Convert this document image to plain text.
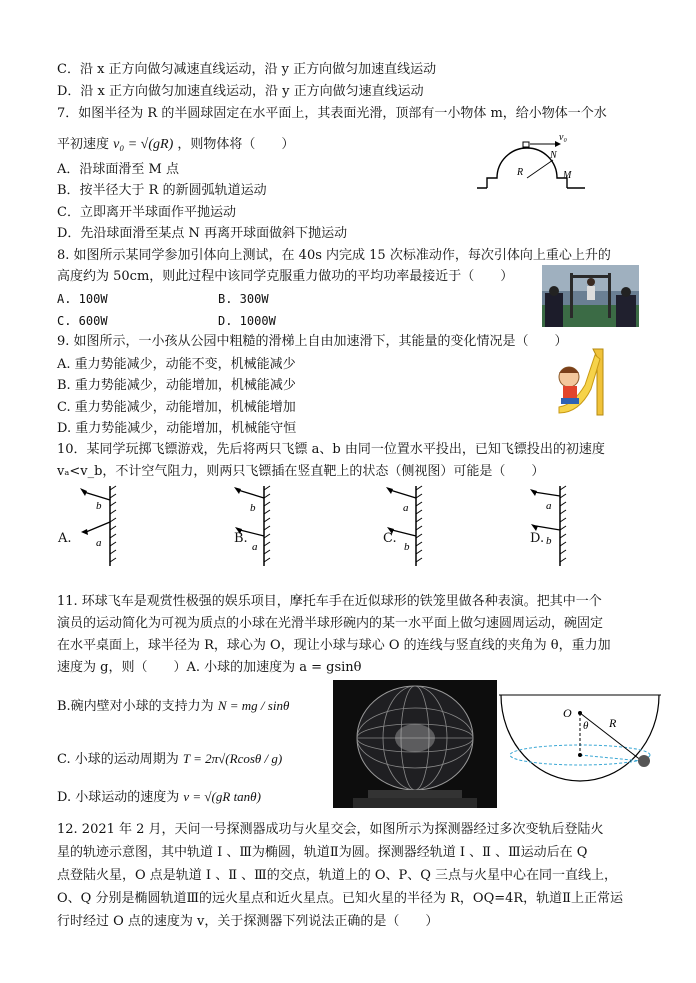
C．沿 x 正方向做匀减速直线运动，沿 y 正方向做匀加速直线运动
D．沿 x 正方向做匀加速直线运动，沿 y 正方向做匀速直线运动
7．如图半径为 R 的半圆球固定在水平面上，其表面光滑，顶部有一小物体 m，给小物体一个水
平初速度 v₀ = √(gR) ，则物体将（　　）
A．沿球面滑至 M 点
B．按半径大于 R 的新圆弧轨道运动
C．立即离开半球面作平抛运动
D．先沿球面滑至某点 N 再离开球面做斜下抛运动
v₀
N
R	M
8. 如图所示某同学参加引体向上测试，在 40s 内完成 15 次标准动作，每次引体向上重心上升的
高度约为 50cm，则此过程中该同学克服重力做功的平均功率最接近于（　　）
A. 100W	B. 300W
C. 600W	D. 1000W
9. 如图所示，一小孩从公园中粗糙的滑梯上自由加速滑下，其能量的变化情况是（　　）
A. 重力势能减少，动能不变，机械能减少
B. 重力势能减少，动能增加，机械能减少
C. 重力势能减少，动能增加，机械能增加
D. 重力势能减少，动能增加，机械能守恒
10．某同学玩掷飞镖游戏，先后将两只飞镖 a、b 由同一位置水平投出，已知飞镖投出的初速度
vₐ<v_b，不计空气阻力，则两只飞镖插在竖直靶上的状态（侧视图）可能是（　　）
A.	B.	C.	D.
b
a
b
a
a
b
a
b
11. 环球飞车是观赏性极强的娱乐项目，摩托车手在近似球形的铁笼里做各种表演。把其中一个
演员的运动简化为可视为质点的小球在光滑半球形碗内的某一水平面上做匀速圆周运动，碗固定
在水平桌面上，球半径为 R，球心为 O，现让小球与球心 O 的连线与竖直线的夹角为 θ，重力加
速度为 g，则（　　）A. 小球的加速度为 a = gsinθ
B.碗内壁对小球的支持力为 N = mg / sinθ
C. 小球的运动周期为 T = 2π√(Rcosθ / g)
D. 小球运动的速度为 v = √(gR tanθ)
O
θ R
12. 2021 年 2 月，天问一号探测器成功与火星交会，如图所示为探测器经过多次变轨后登陆火
星的轨迹示意图，其中轨道 Ⅰ 、Ⅲ为椭圆，轨道Ⅱ为圆。探测器经轨道 Ⅰ 、Ⅱ 、Ⅲ运动后在 Q
点登陆火星，O 点是轨道 Ⅰ 、Ⅱ 、Ⅲ的交点，轨道上的 O、P、Q 三点与火星中心在同一直线上，
O、Q 分别是椭圆轨道Ⅲ的远火星点和近火星点。已知火星的半径为 R，OQ=4R，轨道Ⅱ上正常运
行时经过 O 点的速度为 v，关于探测器下列说法正确的是（　　）
